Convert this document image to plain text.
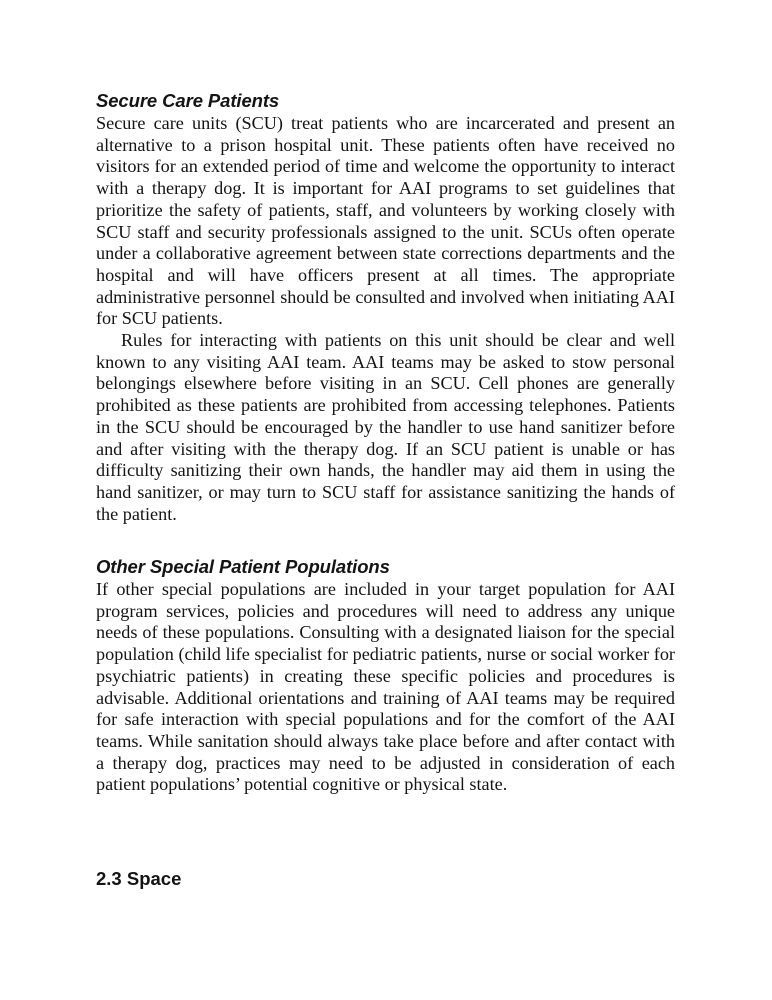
Secure Care Patients

Secure care units (SCU) treat patients who are incarcerated and present an alternative to a prison hospital unit. These patients often have received no visitors for an extended period of time and welcome the opportunity to interact with a therapy dog. It is important for AAI programs to set guidelines that prioritize the safety of patients, staff, and volunteers by working closely with SCU staff and security professionals assigned to the unit. SCUs often operate under a collaborative agreement between state corrections departments and the hospital and will have officers present at all times. The appropriate administrative personnel should be consulted and involved when initiating AAI for SCU patients.

Rules for interacting with patients on this unit should be clear and well known to any visiting AAI team. AAI teams may be asked to stow personal belongings elsewhere before visiting in an SCU. Cell phones are generally prohibited as these patients are prohibited from accessing telephones. Patients in the SCU should be encouraged by the handler to use hand sanitizer before and after visiting with the therapy dog. If an SCU patient is unable or has difficulty sanitizing their own hands, the handler may aid them in using the hand sanitizer, or may turn to SCU staff for assistance sanitizing the hands of the patient.

Other Special Patient Populations

If other special populations are included in your target population for AAI program services, policies and procedures will need to address any unique needs of these populations. Consulting with a designated liaison for the special population (child life specialist for pediatric patients, nurse or social worker for psychiatric patients) in creating these specific policies and procedures is advisable. Additional orientations and training of AAI teams may be required for safe interaction with special populations and for the comfort of the AAI teams. While sanitation should always take place before and after contact with a therapy dog, practices may need to be adjusted in consideration of each patient populations’ potential cognitive or physical state.

2.3 Space
